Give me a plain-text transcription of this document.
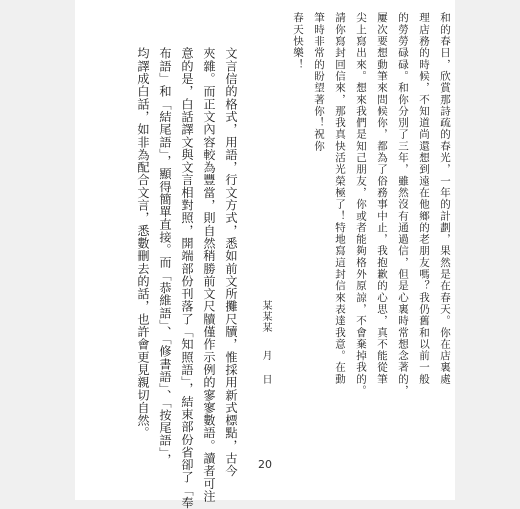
和的春日，欣賞那詩疏的春光，一年的計劃，果然是在春天。你在店裏處
理店務的時候，不知道尚還想到遠在他鄉的老朋友嗎？我仍舊和以前一般
的勞勞碌碌。和你分別了三年，雖然沒有通過信，但是心裏時常想念著的，
屢次要想動筆來問候你，都為了俗務事中止，我抱歉的心思，真不能從筆
尖上寫出來。想來我們是知己朋友，你或者能夠格外原諒，不會棄掉我的。
請你寫封回信來，那我真快活光榮極了！特地寫這封信來表達我意。在動
筆時非常的盼望著你！祝你
春天快樂！
某某某
月
日
文言信的格式，用語，行文方式，悉如前文所攤尺牘，惟採用新式標點，古今
夾雜。而正文內容較為豐當，則自然稍勝前文尺牘僅作示例的寥寥數語。讀者可注
意的是，白話譯文與文言相對照，開端部份刊落了「知照語」，結束部份省卻了「奉
布語」和「結尾語」，顯得簡單直接。而「恭維語」、「修書語」、「按尾語」，
均譯成白話，如非為配合文言，悉數刪去的話，也許會更見親切自然。
20
